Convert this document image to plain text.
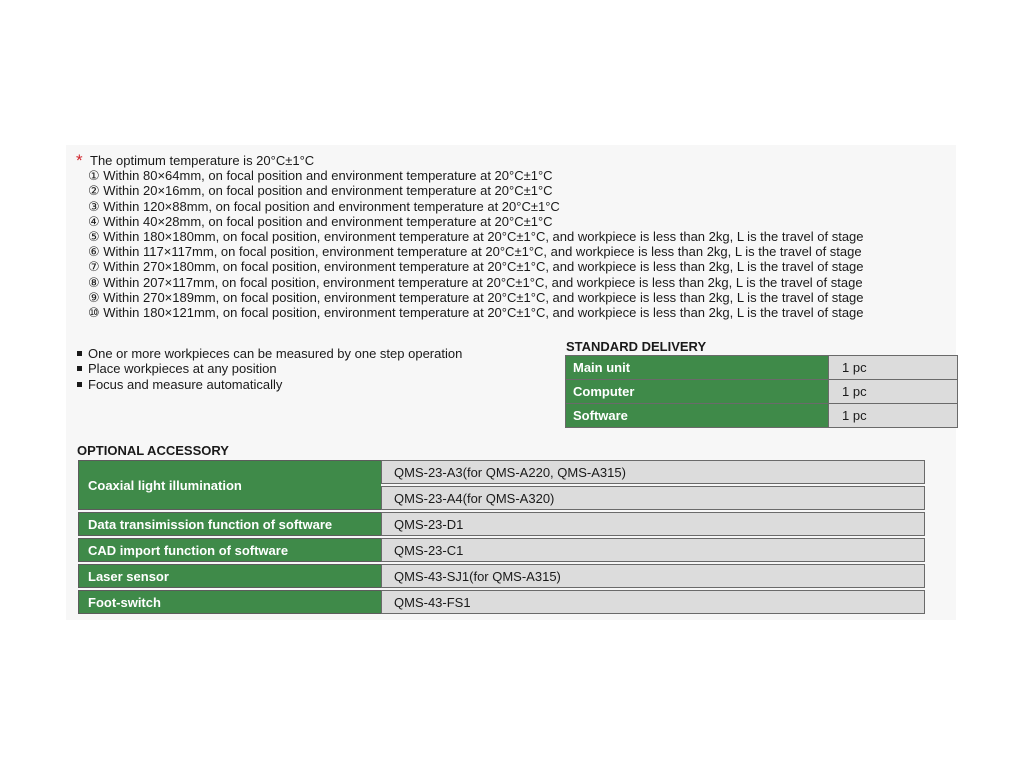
* The optimum temperature is 20°C±1°C
① Within 80×64mm, on focal position and environment temperature at 20°C±1°C
② Within 20×16mm, on focal position and environment temperature at 20°C±1°C
③ Within 120×88mm, on focal position and environment temperature at 20°C±1°C
④ Within 40×28mm, on focal position and environment temperature at 20°C±1°C
⑤ Within 180×180mm, on focal position, environment temperature at 20°C±1°C, and workpiece is less than 2kg, L is the travel of stage
⑥ Within 117×117mm, on focal position, environment temperature at 20°C±1°C, and workpiece is less than 2kg, L is the travel of stage
⑦ Within 270×180mm, on focal position, environment temperature at 20°C±1°C, and workpiece is less than 2kg, L is the travel of stage
⑧ Within 207×117mm, on focal position, environment temperature at 20°C±1°C, and workpiece is less than 2kg, L is the travel of stage
⑨ Within 270×189mm, on focal position, environment temperature at 20°C±1°C, and workpiece is less than 2kg, L is the travel of stage
⑩ Within 180×121mm, on focal position, environment temperature at 20°C±1°C, and workpiece is less than 2kg, L is the travel of stage
One or more workpieces can be measured by one step operation
Place workpieces at any position
Focus and measure automatically
STANDARD DELIVERY
Main unit	1 pc
Computer	1 pc
Software	1 pc
OPTIONAL ACCESSORY
Coaxial light illumination	QMS-23-A3(for QMS-A220, QMS-A315)

	QMS-23-A4(for QMS-A320)

Data transimission function of software	QMS-23-D1

CAD import function of software	QMS-23-C1

Laser sensor	QMS-43-SJ1(for QMS-A315)

Foot-switch	QMS-43-FS1
